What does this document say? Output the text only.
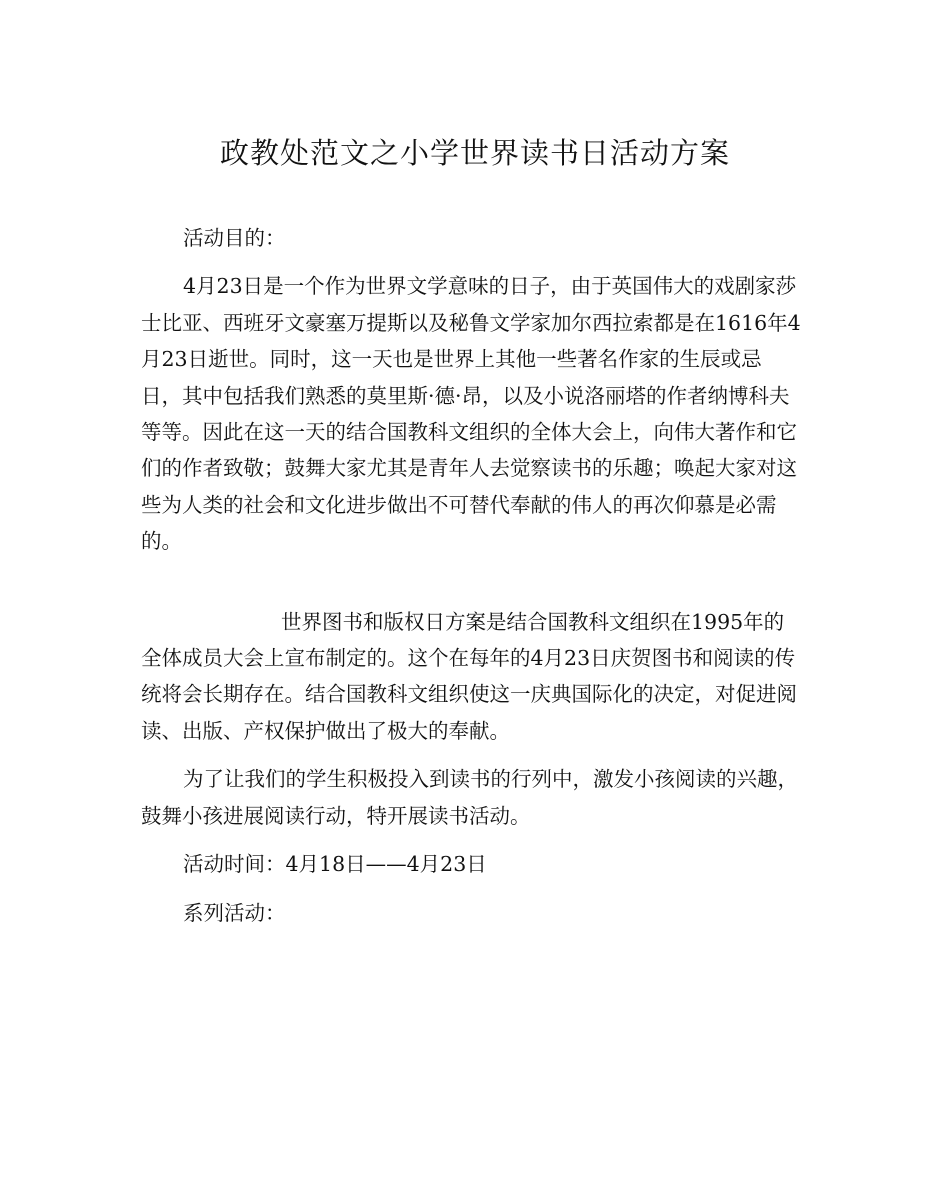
政教处范文之小学世界读书日活动方案

活动目的：

4月23日是一个作为世界文学意味的日子，由于英国伟大的戏剧家莎士比亚、西班牙文豪塞万提斯以及秘鲁文学家加尔西拉索都是在1616年4月23日逝世。同时，这一天也是世界上其他一些著名作家的生辰或忌日，其中包括我们熟悉的莫里斯·德·昂，以及小说洛丽塔的作者纳博科夫等等。因此在这一天的结合国教科文组织的全体大会上，向伟大著作和它们的作者致敬；鼓舞大家尤其是青年人去觉察读书的乐趣；唤起大家对这些为人类的社会和文化进步做出不可替代奉献的伟人的再次仰慕是必需的。

世界图书和版权日方案是结合国教科文组织在1995年的全体成员大会上宣布制定的。这个在每年的4月23日庆贺图书和阅读的传统将会长期存在。结合国教科文组织使这一庆典国际化的决定，对促进阅读、出版、产权保护做出了极大的奉献。

为了让我们的学生积极投入到读书的行列中，激发小孩阅读的兴趣，鼓舞小孩进展阅读行动，特开展读书活动。

活动时间：4月18日——4月23日

系列活动：
